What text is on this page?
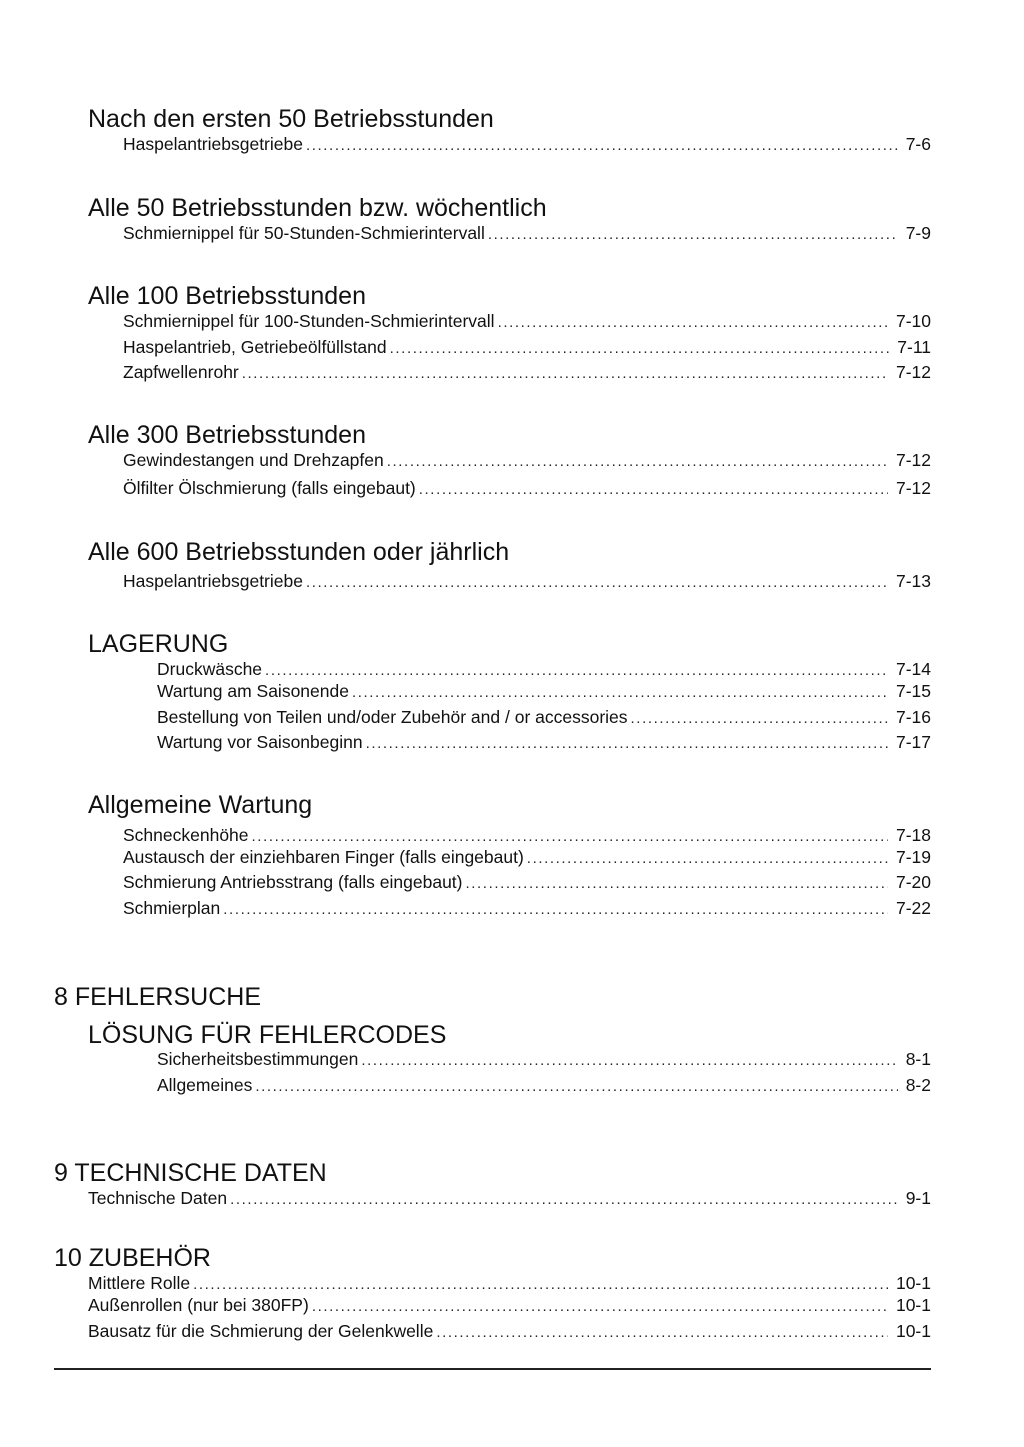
Nach den ersten 50 Betriebsstunden
Haspelantriebsgetriebe .....	7-6
Alle 50 Betriebsstunden bzw. wöchentlich
Schmiernippel für 50-Stunden-Schmierintervall .....	7-9
Alle 100 Betriebsstunden
Schmiernippel für 100-Stunden-Schmierintervall .....	7-10
Haspelantrieb, Getriebeölfüllstand .....	7-11
Zapfwellenrohr .....	7-12
Alle 300 Betriebsstunden
Gewindestangen und Drehzapfen .....	7-12
Ölfilter Ölschmierung (falls eingebaut) .....	7-12
Alle 600 Betriebsstunden oder jährlich
Haspelantriebsgetriebe .....	7-13
LAGERUNG
Druckwäsche .....	7-14
Wartung am Saisonende .....	7-15
Bestellung von Teilen und/oder Zubehör and / or accessories .....	7-16
Wartung vor Saisonbeginn .....	7-17
Allgemeine Wartung
Schneckenhöhe .....	7-18
Austausch der einziehbaren Finger (falls eingebaut) .....	7-19
Schmierung Antriebsstrang (falls eingebaut) .....	7-20
Schmierplan .....	7-22
8 FEHLERSUCHE
LÖSUNG FÜR FEHLERCODES
Sicherheitsbestimmungen .....	8-1
Allgemeines .....	8-2
9 TECHNISCHE DATEN
Technische Daten .....	9-1
10 ZUBEHÖR
Mittlere Rolle .....	10-1
Außenrollen (nur bei 380FP) .....	10-1
Bausatz für die Schmierung der Gelenkwelle .....	10-1
